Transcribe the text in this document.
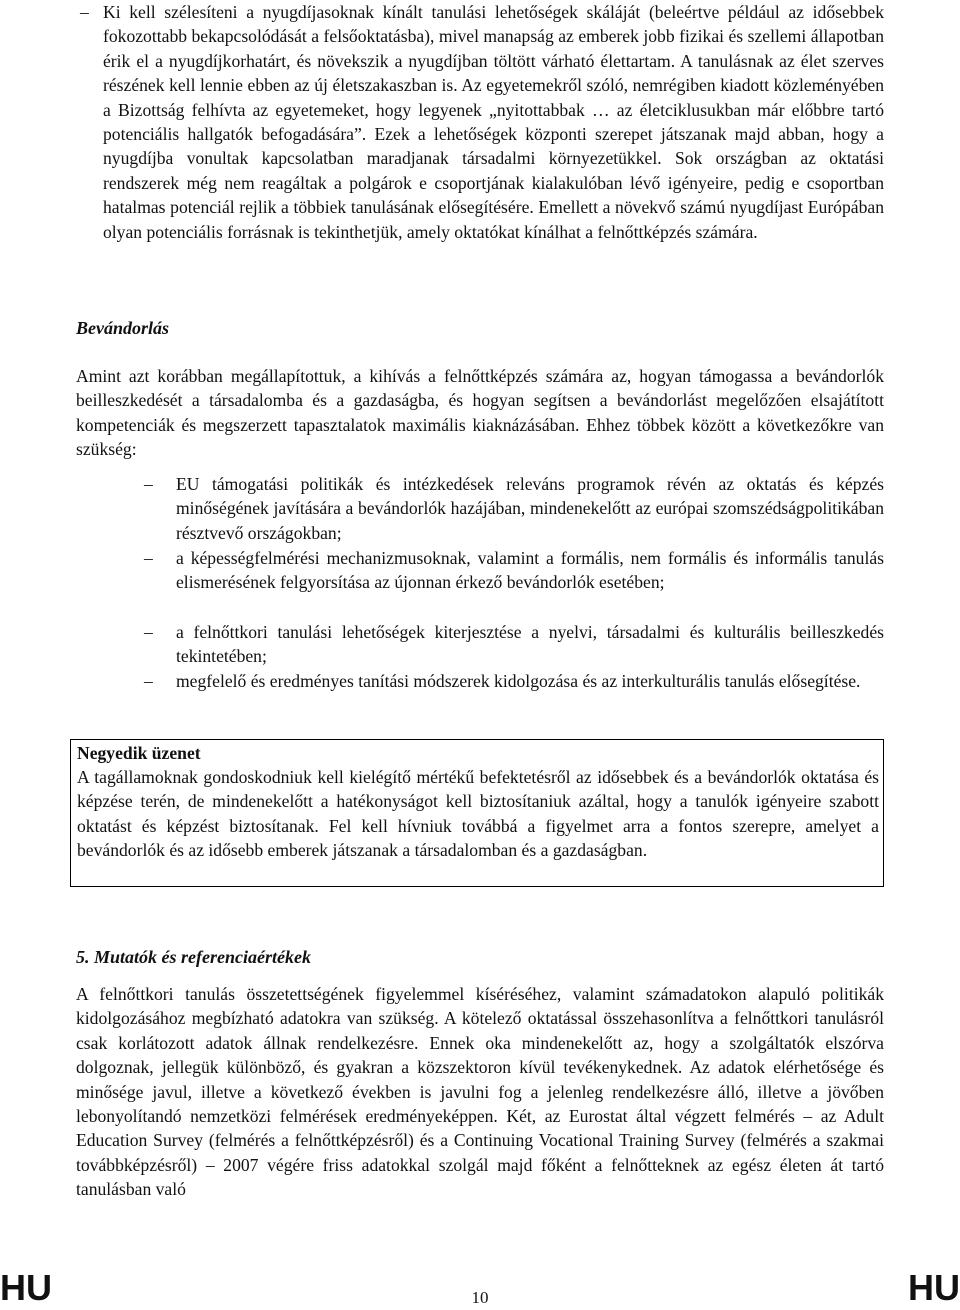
– Ki kell szélesíteni a nyugdíjasoknak kínált tanulási lehetőségek skáláját (beleértve például az idősebbek fokozottabb bekapcsolódását a felsőoktatásba), mivel manapság az emberek jobb fizikai és szellemi állapotban érik el a nyugdíjkorhatárt, és növekszik a nyugdíjban töltött várható élettartam. A tanulásnak az élet szerves részének kell lennie ebben az új életszakaszban is. Az egyetemekről szóló, nemrégiben kiadott közleményében a Bizottság felhívta az egyetemeket, hogy legyenek „nyitottabbak … az életciklusukban már előbbre tartó potenciális hallgatók befogadására”. Ezek a lehetőségek központi szerepet játszanak majd abban, hogy a nyugdíjba vonultak kapcsolatban maradjanak társadalmi környezetükkel. Sok országban az oktatási rendszerek még nem reagáltak a polgárok e csoportjának kialakulóban lévő igényeire, pedig e csoportban hatalmas potenciál rejlik a többiek tanulásának elősegítésére. Emellett a növekvő számú nyugdíjast Európában olyan potenciális forrásnak is tekinthetjük, amely oktatókat kínálhat a felnőttképzés számára.

Bevándorlás

Amint azt korábban megállapítottuk, a kihívás a felnőttképzés számára az, hogyan támogassa a bevándorlók beilleszkedését a társadalomba és a gazdaságba, és hogyan segítsen a bevándorlást megelőzően elsajátított kompetenciák és megszerzett tapasztalatok maximális kiaknázásában. Ehhez többek között a következőkre van szükség:

– EU támogatási politikák és intézkedések releváns programok révén az oktatás és képzés minőségének javítására a bevándorlók hazájában, mindenekelőtt az európai szomszédságpolitikában résztvevő országokban;

– a képességfelmérési mechanizmusoknak, valamint a formális, nem formális és informális tanulás elismerésének felgyorsítása az újonnan érkező bevándorlók esetében;

– a felnőttkori tanulási lehetőségek kiterjesztése a nyelvi, társadalmi és kulturális beilleszkedés tekintetében;

– megfelelő és eredményes tanítási módszerek kidolgozása és az interkulturális tanulás elősegítése.

Negyedik üzenet

A tagállamoknak gondoskodniuk kell kielégítő mértékű befektetésről az idősebbek és a bevándorlók oktatása és képzése terén, de mindenekelőtt a hatékonyságot kell biztosítaniuk azáltal, hogy a tanulók igényeire szabott oktatást és képzést biztosítanak. Fel kell hívniuk továbbá a figyelmet arra a fontos szerepre, amelyet a bevándorlók és az idősebb emberek játszanak a társadalomban és a gazdaságban.

5. Mutatók és referenciaértékek

A felnőttkori tanulás összetettségének figyelemmel kíséréséhez, valamint számadatokon alapuló politikák kidolgozásához megbízható adatokra van szükség. A kötelező oktatással összehasonlítva a felnőttkori tanulásról csak korlátozott adatok állnak rendelkezésre. Ennek oka mindenekelőtt az, hogy a szolgáltatók elszórva dolgoznak, jellegük különböző, és gyakran a közszektoron kívül tevékenykednek. Az adatok elérhetősége és minősége javul, illetve a következő években is javulni fog a jelenleg rendelkezésre álló, illetve a jövőben lebonyolítandó nemzetközi felmérések eredményeképpen. Két, az Eurostat által végzett felmérés – az Adult Education Survey (felmérés a felnőttképzésről) és a Continuing Vocational Training Survey (felmérés a szakmai továbbképzésről) – 2007 végére friss adatokkal szolgál majd főként a felnőtteknek az egész életen át tartó tanulásban való

HU	10	HU
